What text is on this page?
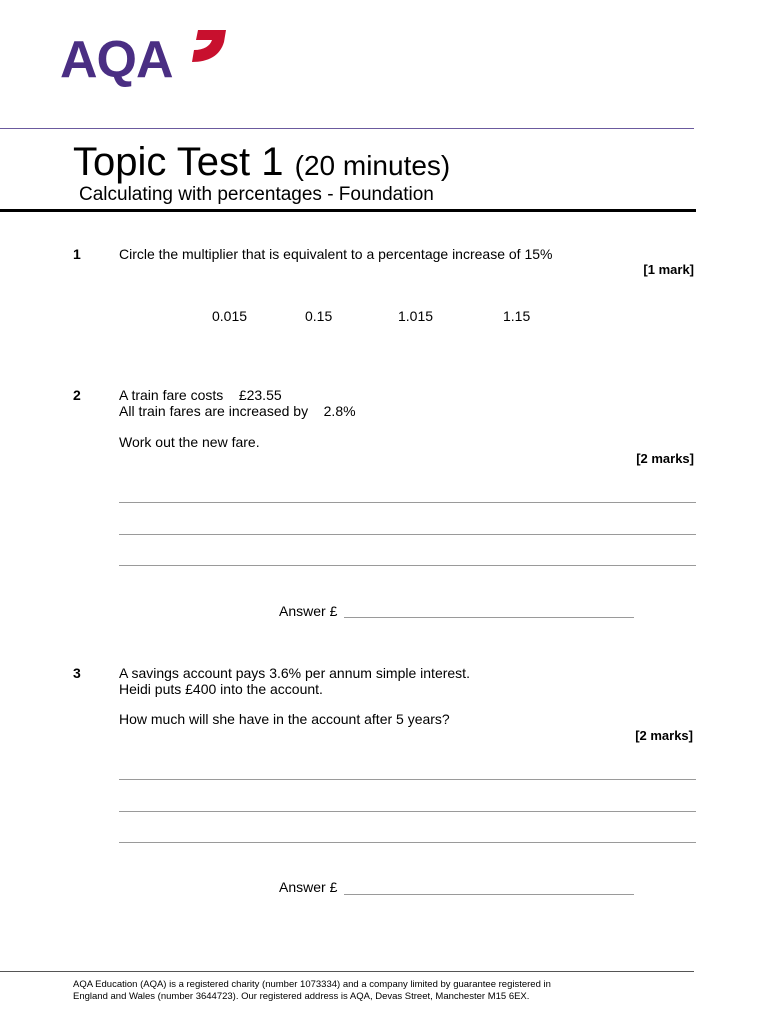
AQA
Topic Test 1 (20 minutes)
Calculating with percentages - Foundation
1	Circle the multiplier that is equivalent to a percentage increase of 15%
[1 mark]
0.015	0.15	1.015	1.15
2	A train fare costs    £23.55
All train fares are increased by    2.8%
Work out the new fare.
[2 marks]
Answer £
3	A savings account pays 3.6% per annum simple interest.
Heidi puts £400 into the account.
How much will she have in the account after 5 years?
[2 marks]
Answer £
AQA Education (AQA) is a registered charity (number 1073334) and a company limited by guarantee registered in
England and Wales (number 3644723). Our registered address is AQA, Devas Street, Manchester M15 6EX.
